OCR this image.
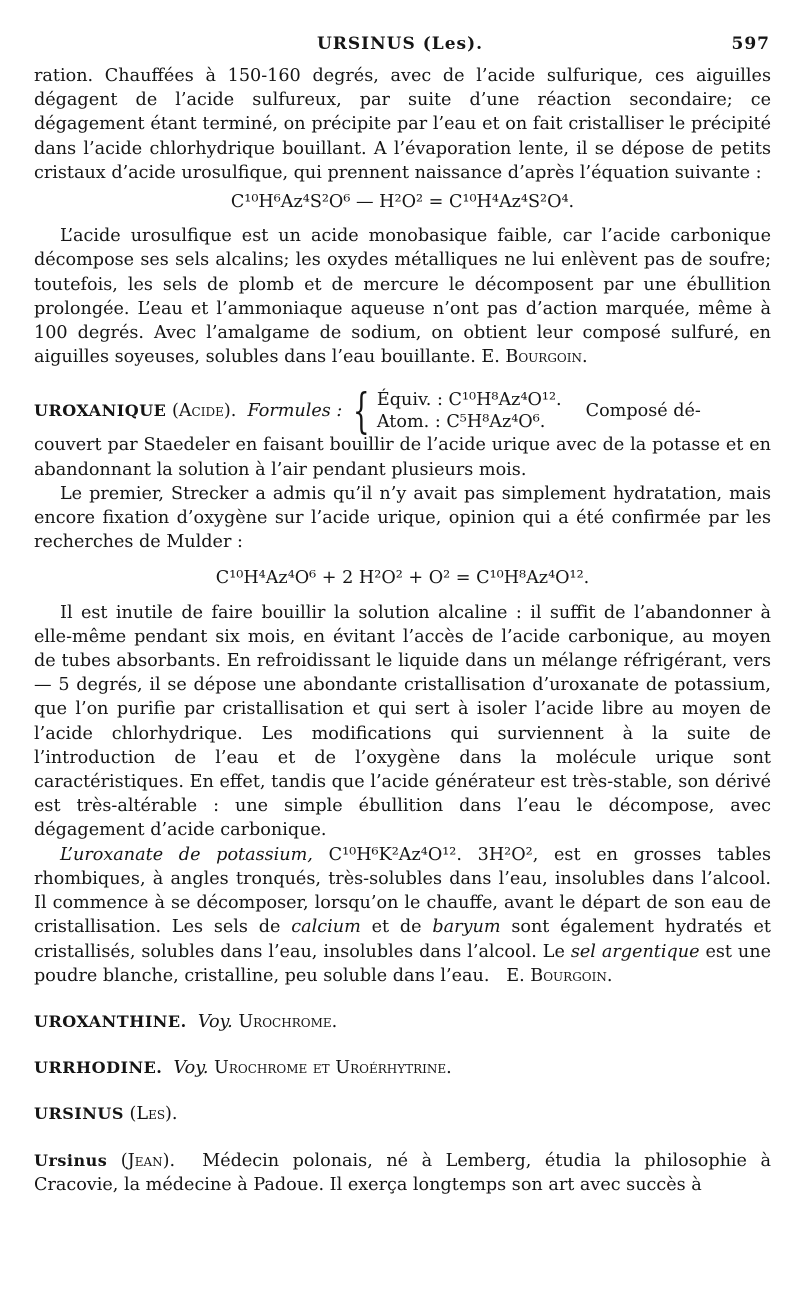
URSINUS (Les).	597

ration. Chauffées à 150-160 degrés, avec de l’acide sulfurique, ces aiguilles dégagent de l’acide sulfureux, par suite d’une réaction secondaire; ce dégagement étant terminé, on précipite par l’eau et on fait cristalliser le précipité dans l’acide chlorhydrique bouillant. A l’évaporation lente, il se dépose de petits cristaux d’acide urosulfique, qui prennent naissance d’après l’équation suivante :

C¹⁰H⁶Az⁴S²O⁶ — H²O² = C¹⁰H⁴Az⁴S²O⁴.

L’acide urosulfique est un acide monobasique faible, car l’acide carbonique décompose ses sels alcalins; les oxydes métalliques ne lui enlèvent pas de soufre; toutefois, les sels de plomb et de mercure le décomposent par une ébullition prolongée. L’eau et l’ammoniaque aqueuse n’ont pas d’action marquée, même à 100 degrés. Avec l’amalgame de sodium, on obtient leur composé sulfuré, en aiguilles soyeuses, solubles dans l’eau bouillante. E. Bourgoin.

UROXANIQUE
(Acide).
Formules : { Équiv. : C¹⁰H⁸Az⁴O¹².
Atom. : C⁵H⁸Az⁴O⁶.
Composé dé-

couvert par Staedeler en faisant bouillir de l’acide urique avec de la potasse et en abandonnant la solution à l’air pendant plusieurs mois.

Le premier, Strecker a admis qu’il n’y avait pas simplement hydratation, mais encore fixation d’oxygène sur l’acide urique, opinion qui a été confirmée par les recherches de Mulder :

C¹⁰H⁴Az⁴O⁶ + 2 H²O² + O² = C¹⁰H⁸Az⁴O¹².

Il est inutile de faire bouillir la solution alcaline : il suffit de l’abandonner à elle-même pendant six mois, en évitant l’accès de l’acide carbonique, au moyen de tubes absorbants. En refroidissant le liquide dans un mélange réfrigérant, vers — 5 degrés, il se dépose une abondante cristallisation d’uroxanate de potassium, que l’on purifie par cristallisation et qui sert à isoler l’acide libre au moyen de l’acide chlorhydrique. Les modifications qui surviennent à la suite de l’introduction de l’eau et de l’oxygène dans la molécule urique sont caractéristiques. En effet, tandis que l’acide générateur est très-stable, son dérivé est très-altérable : une simple ébullition dans l’eau le décompose, avec dégagement d’acide carbonique.

L’uroxanate de potassium, C¹⁰H⁶K²Az⁴O¹². 3H²O², est en grosses tables rhombiques, à angles tronqués, très-solubles dans l’eau, insolubles dans l’alcool. Il commence à se décomposer, lorsqu’on le chauffe, avant le départ de son eau de cristallisation. Les sels de calcium et de baryum sont également hydratés et cristallisés, solubles dans l’eau, insolubles dans l’alcool. Le sel argentique est une poudre blanche, cristalline, peu soluble dans l’eau. E. Bourgoin.

UROXANTHINE. Voy. Urochrome.

URRHODINE. Voy. Urochrome et Uroérhytrine.

URSINUS (Les).

Ursinus (Jean). Médecin polonais, né à Lemberg, étudia la philosophie à Cracovie, la médecine à Padoue. Il exerça longtemps son art avec succès à
